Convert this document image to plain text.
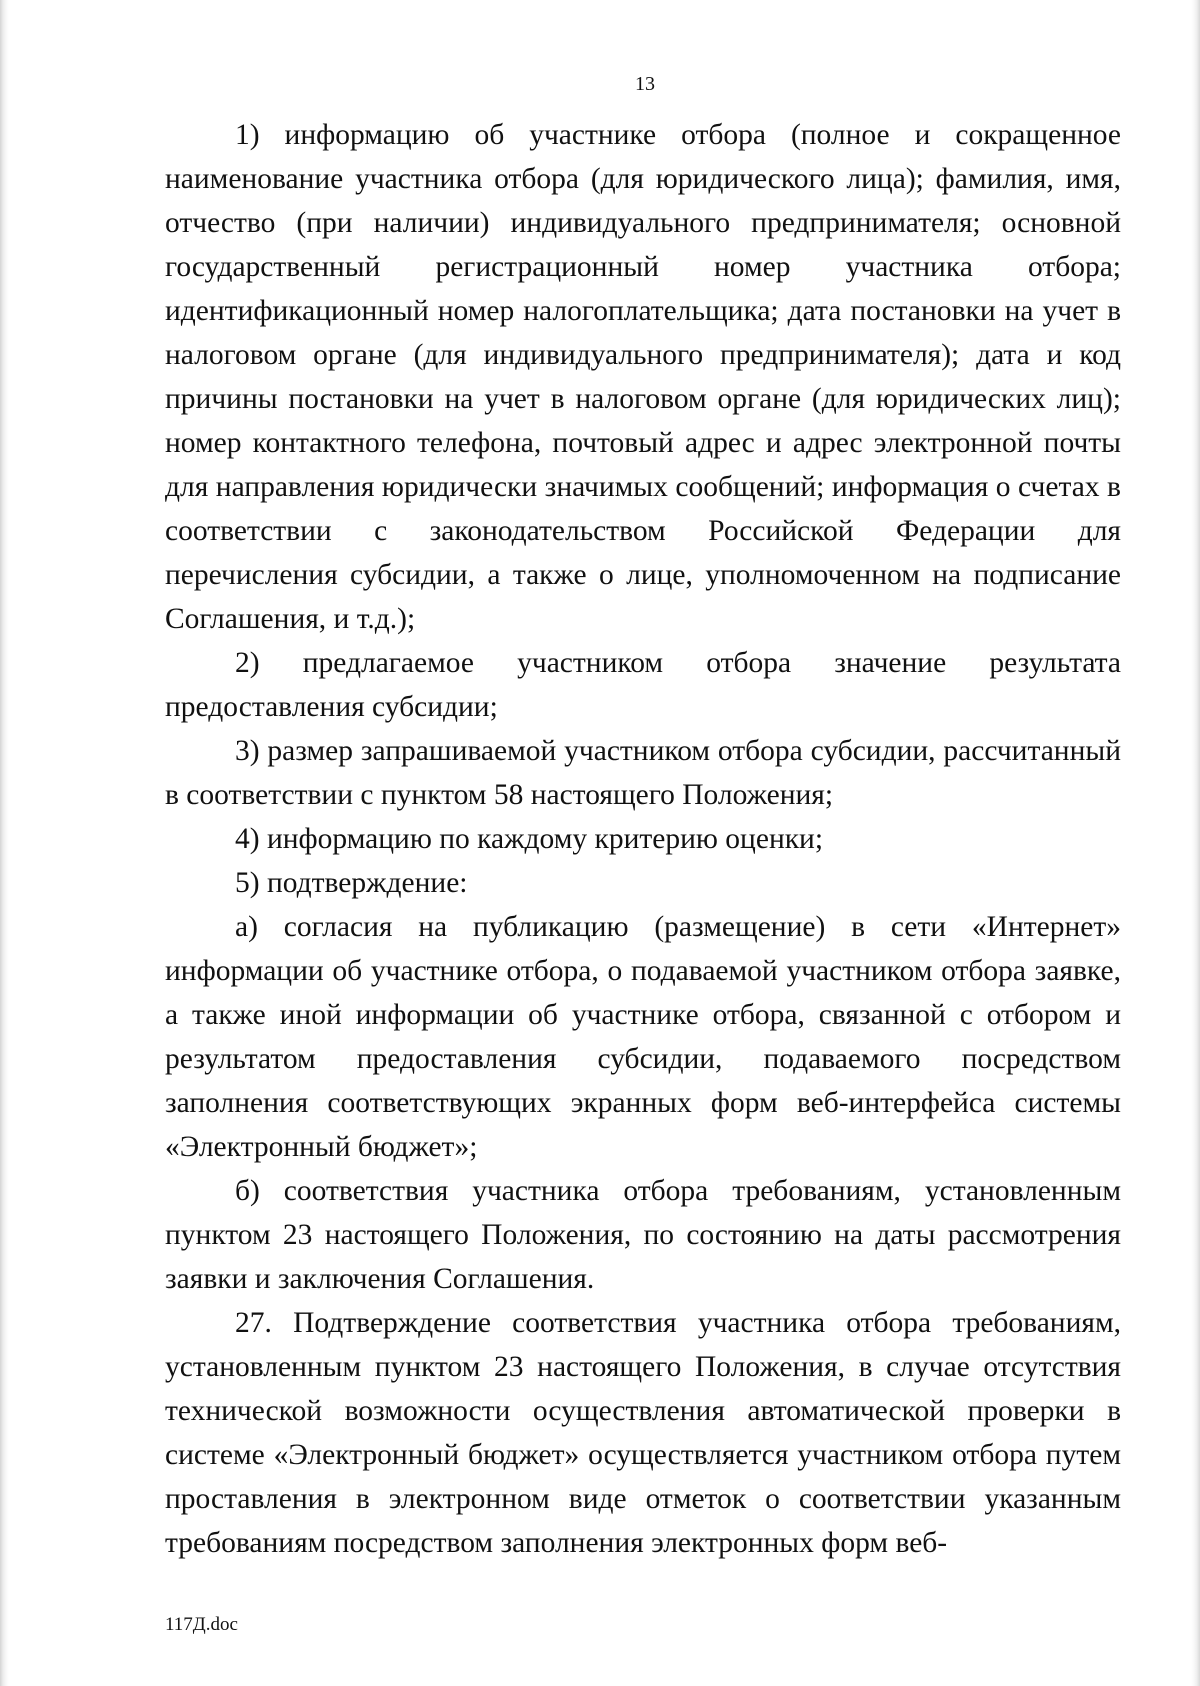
13

1) информацию об участнике отбора (полное и сокращенное наименование участника отбора (для юридического лица); фамилия, имя, отчество (при наличии) индивидуального предпринимателя; основной государственный регистрационный номер участника отбора; идентификационный номер налогоплательщика; дата постановки на учет в налоговом органе (для индивидуального предпринимателя); дата и код причины постановки на учет в налоговом органе (для юридических лиц); номер контактного телефона, почтовый адрес и адрес электронной почты для направления юридически значимых сообщений; информация о счетах в соответствии с законодательством Российской Федерации для перечисления субсидии, а также о лице, уполномоченном на подписание Соглашения, и т.д.);

2) предлагаемое участником отбора значение результата предоставления субсидии;

3) размер запрашиваемой участником отбора субсидии, рассчитанный в соответствии с пунктом 58 настоящего Положения;

4) информацию по каждому критерию оценки;

5) подтверждение:

а) согласия на публикацию (размещение) в сети «Интернет» информации об участнике отбора, о подаваемой участником отбора заявке, а также иной информации об участнике отбора, связанной с отбором и результатом предоставления субсидии, подаваемого посредством заполнения соответствующих экранных форм веб-интерфейса системы «Электронный бюджет»;

б) соответствия участника отбора требованиям, установленным пунктом 23 настоящего Положения, по состоянию на даты рассмотрения заявки и заключения Соглашения.

27. Подтверждение соответствия участника отбора требованиям, установленным пунктом 23 настоящего Положения, в случае отсутствия технической возможности осуществления автоматической проверки в системе «Электронный бюджет» осуществляется участником отбора путем проставления в электронном виде отметок о соответствии указанным требованиям посредством заполнения электронных форм веб-

117Д.doc
